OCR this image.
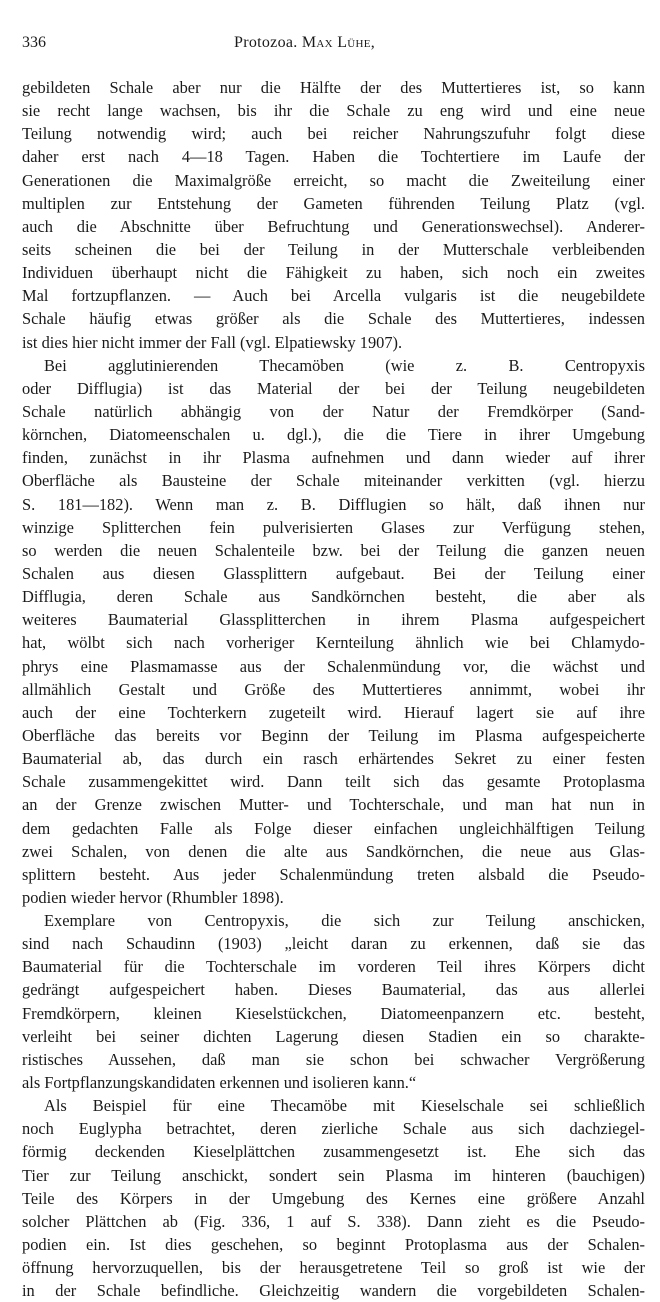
336	Protozoa. Max Lühe,
gebildeten Schale aber nur die Hälfte der des Muttertieres ist, so kann
sie recht lange wachsen, bis ihr die Schale zu eng wird und eine neue
Teilung notwendig wird; auch bei reicher Nahrungszufuhr folgt diese
daher erst nach 4—18 Tagen. Haben die Tochtertiere im Laufe der
Generationen die Maximalgröße erreicht, so macht die Zweiteilung einer
multiplen zur Entstehung der Gameten führenden Teilung Platz (vgl.
auch die Abschnitte über Befruchtung und Generationswechsel). Anderer-
seits scheinen die bei der Teilung in der Mutterschale verbleibenden
Individuen überhaupt nicht die Fähigkeit zu haben, sich noch ein zweites
Mal fortzupflanzen. — Auch bei Arcella vulgaris ist die neugebildete
Schale häufig etwas größer als die Schale des Muttertieres, indessen
ist dies hier nicht immer der Fall (vgl. Elpatiewsky 1907).
Bei agglutinierenden Thecamöben (wie z. B. Centropyxis
oder Difflugia) ist das Material der bei der Teilung neugebildeten
Schale natürlich abhängig von der Natur der Fremdkörper (Sand-
körnchen, Diatomeenschalen u. dgl.), die die Tiere in ihrer Umgebung
finden, zunächst in ihr Plasma aufnehmen und dann wieder auf ihrer
Oberfläche als Bausteine der Schale miteinander verkitten (vgl. hierzu
S. 181—182). Wenn man z. B. Difflugien so hält, daß ihnen nur
winzige Splitterchen fein pulverisierten Glases zur Verfügung stehen,
so werden die neuen Schalenteile bzw. bei der Teilung die ganzen neuen
Schalen aus diesen Glassplittern aufgebaut. Bei der Teilung einer
Difflugia, deren Schale aus Sandkörnchen besteht, die aber als
weiteres Baumaterial Glassplitterchen in ihrem Plasma aufgespeichert
hat, wölbt sich nach vorheriger Kernteilung ähnlich wie bei Chlamydo-
phrys eine Plasmamasse aus der Schalenmündung vor, die wächst und
allmählich Gestalt und Größe des Muttertieres annimmt, wobei ihr
auch der eine Tochterkern zugeteilt wird. Hierauf lagert sie auf ihre
Oberfläche das bereits vor Beginn der Teilung im Plasma aufgespeicherte
Baumaterial ab, das durch ein rasch erhärtendes Sekret zu einer festen
Schale zusammengekittet wird. Dann teilt sich das gesamte Protoplasma
an der Grenze zwischen Mutter- und Tochterschale, und man hat nun in
dem gedachten Falle als Folge dieser einfachen ungleichhälftigen Teilung
zwei Schalen, von denen die alte aus Sandkörnchen, die neue aus Glas-
splittern besteht. Aus jeder Schalenmündung treten alsbald die Pseudo-
podien wieder hervor (Rhumbler 1898).
Exemplare von Centropyxis, die sich zur Teilung anschicken,
sind nach Schaudinn (1903) „leicht daran zu erkennen, daß sie das
Baumaterial für die Tochterschale im vorderen Teil ihres Körpers dicht
gedrängt aufgespeichert haben. Dieses Baumaterial, das aus allerlei
Fremdkörpern, kleinen Kieselstückchen, Diatomeenpanzern etc. besteht,
verleiht bei seiner dichten Lagerung diesen Stadien ein so charakte-
ristisches Aussehen, daß man sie schon bei schwacher Vergrößerung
als Fortpflanzungskandidaten erkennen und isolieren kann.“
Als Beispiel für eine Thecamöbe mit Kieselschale sei schließlich
noch Euglypha betrachtet, deren zierliche Schale aus sich dachziegel-
förmig deckenden Kieselplättchen zusammengesetzt ist. Ehe sich das
Tier zur Teilung anschickt, sondert sein Plasma im hinteren (bauchigen)
Teile des Körpers in der Umgebung des Kernes eine größere Anzahl
solcher Plättchen ab (Fig. 336, 1 auf S. 338). Dann zieht es die Pseudo-
podien ein. Ist dies geschehen, so beginnt Protoplasma aus der Schalen-
öffnung hervorzuquellen, bis der herausgetretene Teil so groß ist wie der
in der Schale befindliche. Gleichzeitig wandern die vorgebildeten Schalen-
